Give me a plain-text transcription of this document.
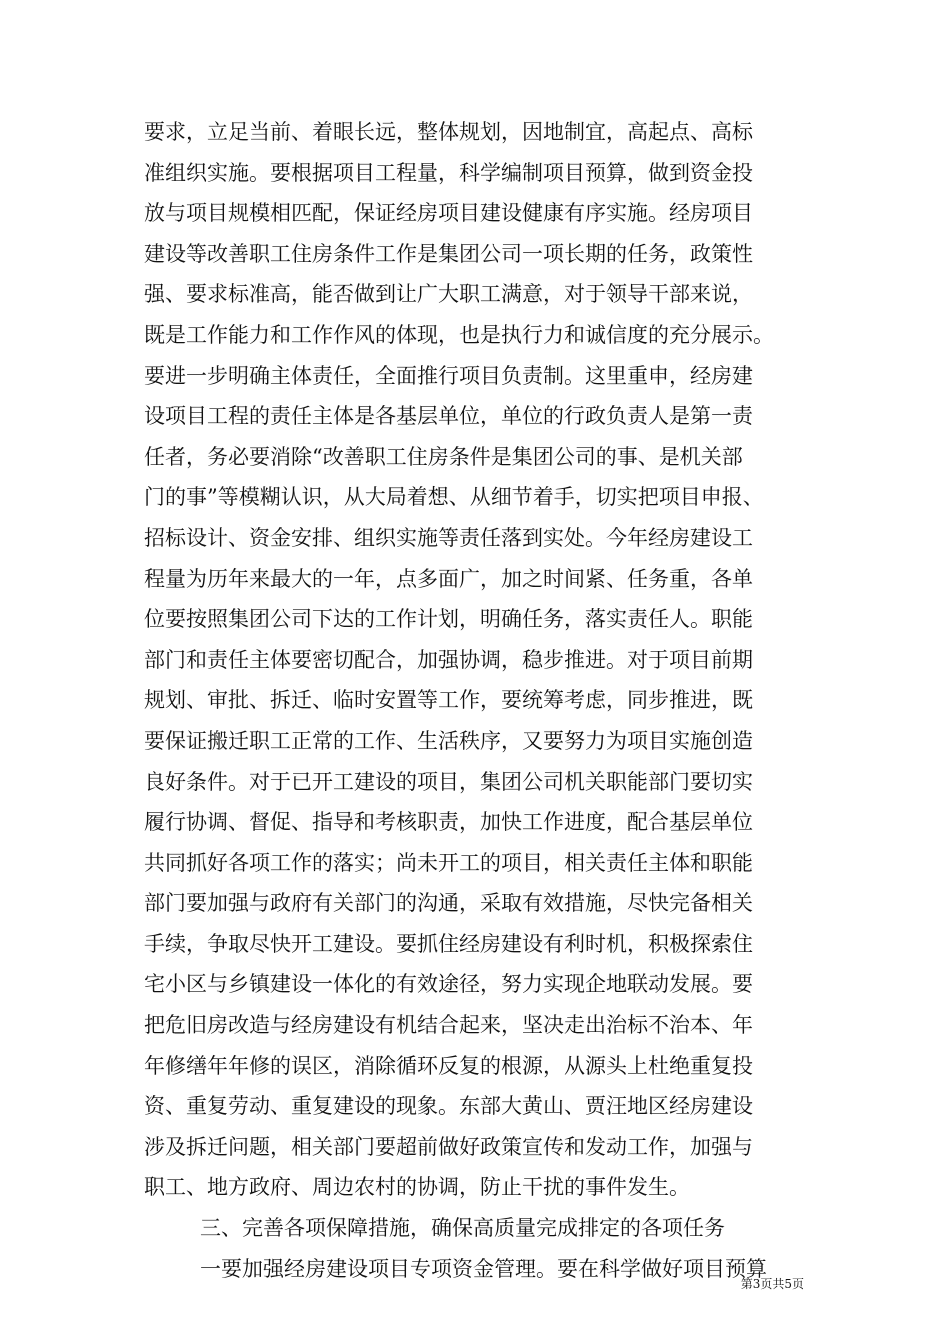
要求，立足当前、着眼长远，整体规划，因地制宜，高起点、高标
准组织实施。要根据项目工程量，科学编制项目预算，做到资金投
放与项目规模相匹配，保证经房项目建设健康有序实施。经房项目
建设等改善职工住房条件工作是集团公司一项长期的任务，政策性
强、要求标准高，能否做到让广大职工满意，对于领导干部来说，
既是工作能力和工作作风的体现，也是执行力和诚信度的充分展示。
要进一步明确主体责任，全面推行项目负责制。这里重申，经房建
设项目工程的责任主体是各基层单位，单位的行政负责人是第一责
任者，务必要消除“改善职工住房条件是集团公司的事、是机关部
门的事”等模糊认识，从大局着想、从细节着手，切实把项目申报、
招标设计、资金安排、组织实施等责任落到实处。今年经房建设工
程量为历年来最大的一年，点多面广，加之时间紧、任务重，各单
位要按照集团公司下达的工作计划，明确任务，落实责任人。职能
部门和责任主体要密切配合，加强协调，稳步推进。对于项目前期
规划、审批、拆迁、临时安置等工作，要统筹考虑，同步推进，既
要保证搬迁职工正常的工作、生活秩序，又要努力为项目实施创造
良好条件。对于已开工建设的项目，集团公司机关职能部门要切实
履行协调、督促、指导和考核职责，加快工作进度，配合基层单位
共同抓好各项工作的落实；尚未开工的项目，相关责任主体和职能
部门要加强与政府有关部门的沟通，采取有效措施，尽快完备相关
手续，争取尽快开工建设。要抓住经房建设有利时机，积极探索住
宅小区与乡镇建设一体化的有效途径，努力实现企地联动发展。要
把危旧房改造与经房建设有机结合起来，坚决走出治标不治本、年
年修缮年年修的误区，消除循环反复的根源，从源头上杜绝重复投
资、重复劳动、重复建设的现象。东部大黄山、贾汪地区经房建设
涉及拆迁问题，相关部门要超前做好政策宣传和发动工作，加强与
职工、地方政府、周边农村的协调，防止干扰的事件发生。
三、完善各项保障措施，确保高质量完成排定的各项任务
一要加强经房建设项目专项资金管理。要在科学做好项目预算
第3页共5页
